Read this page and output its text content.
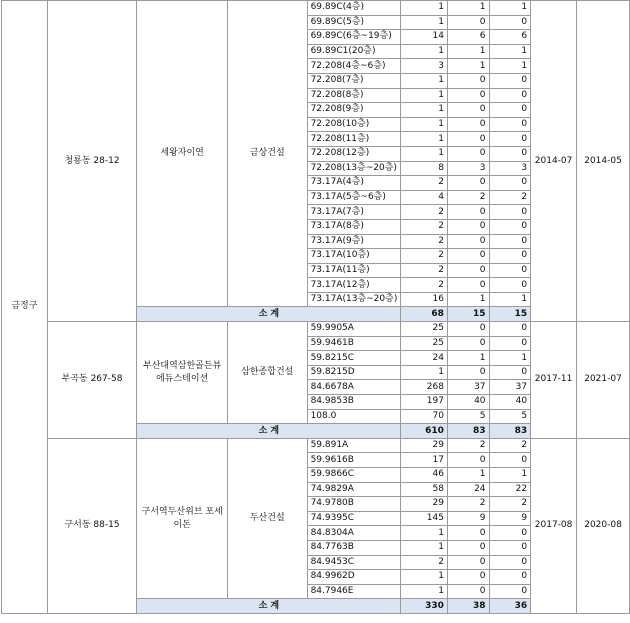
금정구	청룡동 28-12	세왕자이연	금상건설	69.89C(4층)	1	1	1	2014-07	2014-05
				69.89C(5층)	1	0	0		
				69.89C(6층~19층)	14	6	6		
				69.89C1(20층)	1	1	1		
				72.208(4층~6층)	3	1	1		
				72.208(7층)	1	0	0		
				72.208(8층)	1	0	0		
				72.208(9층)	1	0	0		
				72.208(10층)	1	0	0		
				72.208(11층)	1	0	0		
				72.208(12층)	1	0	0		
				72.208(13층~20층)	8	3	3		
				73.17A(4층)	2	0	0		
				73.17A(5층~6층)	4	2	2		
				73.17A(7층)	2	0	0		
				73.17A(8층)	2	0	0		
				73.17A(9층)	2	0	0		
				73.17A(10층)	2	0	0		
				73.17A(11층)	2	0	0		
				73.17A(12층)	2	0	0		
				73.17A(13층~20층)	16	1	1		
		소 계			68	15	15		
	부곡동 267-58	부산대역삼한골든뷰 에듀스테이션	삼한종합건설	59.9905A	25	0	0	2017-11	2021-07
				59.9461B	25	0	0		
				59.8215C	24	1	1		
				59.8215D	1	0	0		
				84.6678A	268	37	37		
				84.9853B	197	40	40		
				108.0	70	5	5		
		소 계			610	83	83		
	구서동 88-15	구서역두산위브 포세이돈	두산건설	59.891A	29	2	2	2017-08	2020-08
				59.9616B	17	0	0		
				59.9866C	46	1	1		
				74.9829A	58	24	22		
				74.9780B	29	2	2		
				74.9395C	145	9	9		
				84.8304A	1	0	0		
				84.7763B	1	0	0		
				84.9453C	2	0	0		
				84.9962D	1	0	0		
				84.7946E	1	0	0		
		소 계			330	38	36		
